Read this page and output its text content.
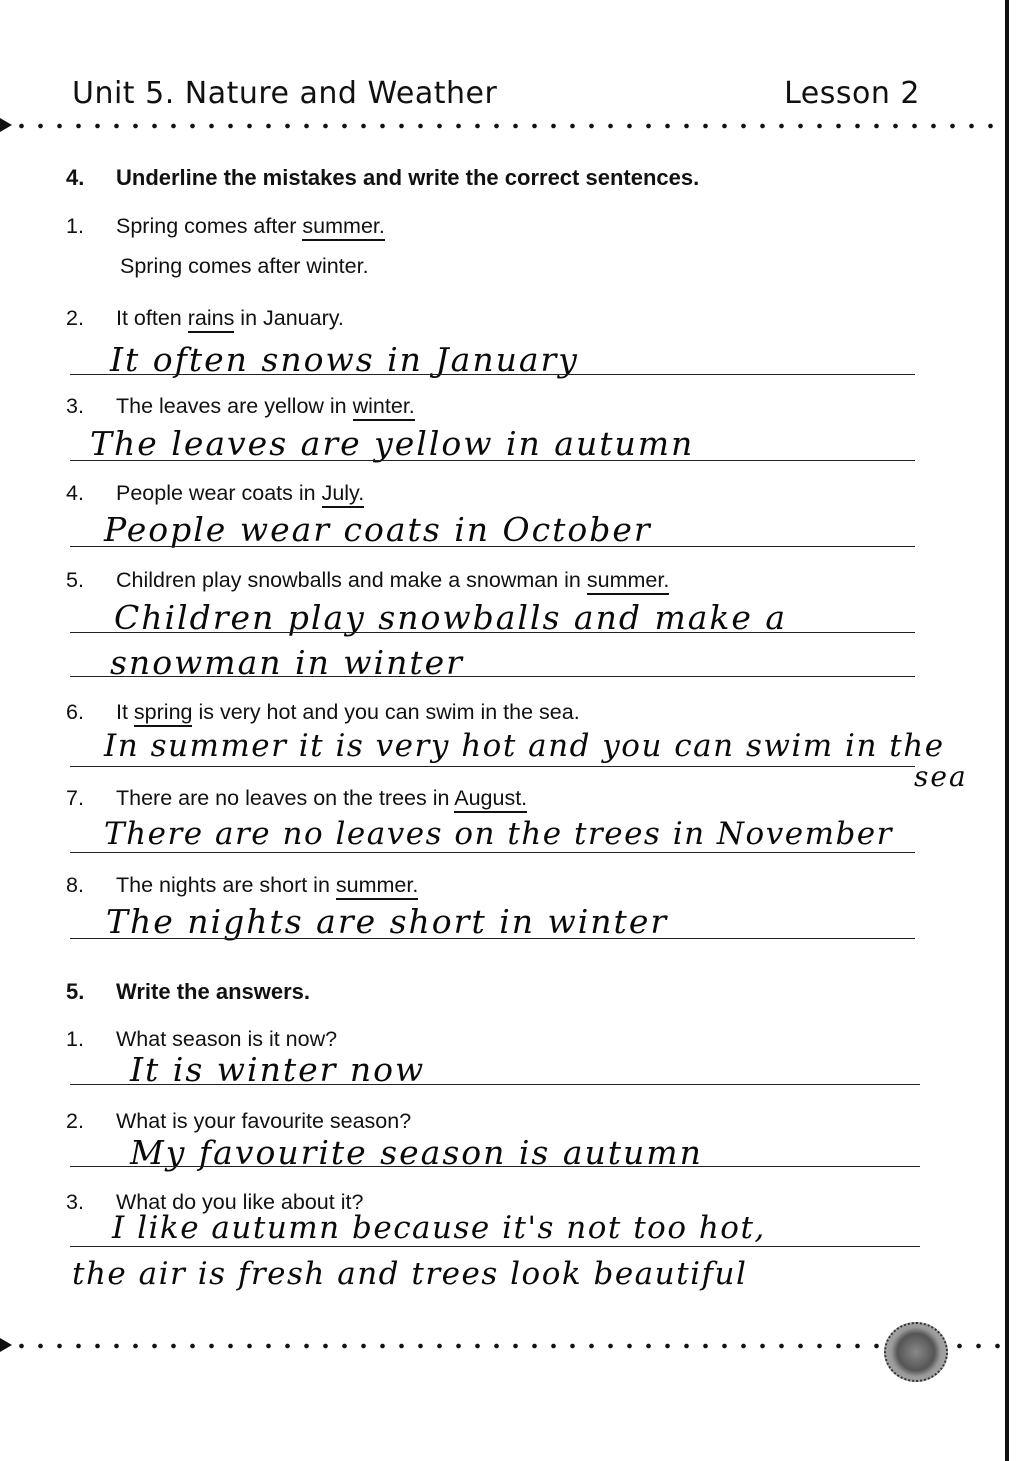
Unit 5. Nature and Weather	Lesson 2
4. Underline the mistakes and write the correct sentences.
1. Spring comes after summer.
Spring comes after winter.
2. It often rains in January.
It often snows in January
3. The leaves are yellow in winter.
The leaves are yellow in autumn
4. People wear coats in July.
People wear coats in October
5. Children play snowballs and make a snowman in summer.
Children play snowballs and make a
snowman in winter
6. It spring is very hot and you can swim in the sea.
In summer it is very hot and you can swim in the
sea
7. There are no leaves on the trees in August.
There are no leaves on the trees in November
8. The nights are short in summer.
The nights are short in winter
5. Write the answers.
1. What season is it now?
It is winter now
2. What is your favourite season?
My favourite season is autumn
3. What do you like about it?
I like autumn because it's not too hot,
the air is fresh and trees look beautiful
